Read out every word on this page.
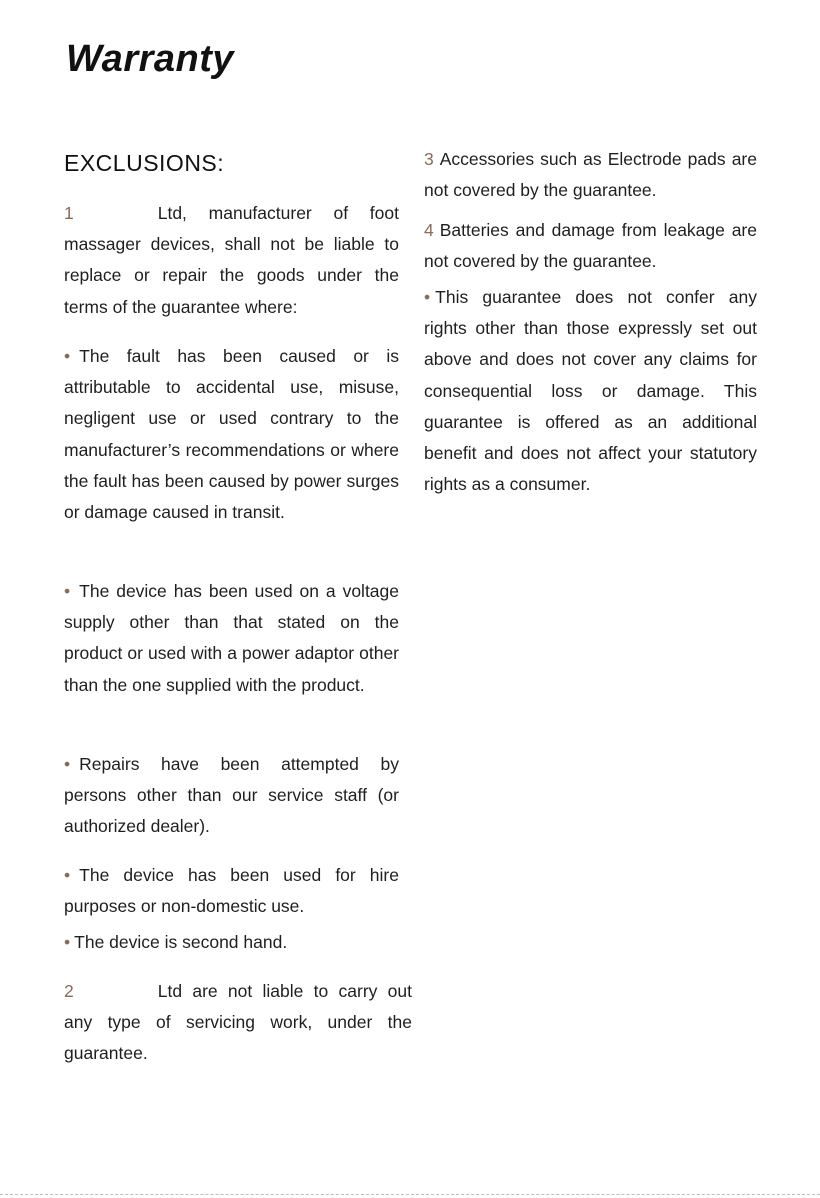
Warranty
EXCLUSIONS:

1	Ltd, manufacturer of foot massager devices, shall not be liable to replace or repair the goods under the terms of the guarantee where:

• The fault has been caused or is attributable to accidental use, misuse, negligent use or used contrary to the manufacturer’s recommendations or where the fault has been caused by power surges or damage caused in transit.

• The device has been used on a voltage supply other than that stated on the product or used with a power adaptor other than the one supplied with the product.

• Repairs have been attempted by persons other than our service staff (or authorized dealer).

• The device has been used for hire purposes or non-domestic use.

• The device is second hand.

2	Ltd are not liable to carry out any type of servicing work, under the guarantee.

3 Accessories such as Electrode pads are not covered by the guarantee.

4 Batteries and damage from leakage are not covered by the guarantee.

• This guarantee does not confer any rights other than those expressly set out above and does not cover any claims for consequential loss or damage. This guarantee is offered as an additional benefit and does not affect your statutory rights as a consumer.
